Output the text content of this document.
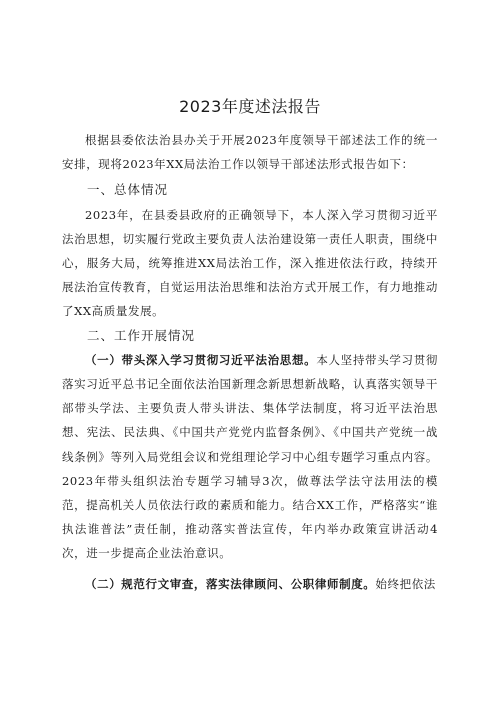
2023年度述法报告

根据县委依法治县办关于开展2023年度领导干部述法工作的统一安排，现将2023年XX局法治工作以领导干部述法形式报告如下：

一、总体情况

2023年，在县委县政府的正确领导下，本人深入学习贯彻习近平法治思想，切实履行党政主要负责人法治建设第一责任人职责，围绕中心，服务大局，统筹推进XX局法治工作，深入推进依法行政，持续开展法治宣传教育，自觉运用法治思维和法治方式开展工作，有力地推动了XX高质量发展。

二、工作开展情况

（一）带头深入学习贯彻习近平法治思想。本人坚持带头学习贯彻落实习近平总书记全面依法治国新理念新思想新战略，认真落实领导干部带头学法、主要负责人带头讲法、集体学法制度，将习近平法治思想、宪法、民法典、《中国共产党党内监督条例》、《中国共产党统一战线条例》等列入局党组会议和党组理论学习中心组专题学习重点内容。2023年带头组织法治专题学习辅导3次，做尊法学法守法用法的模范，提高机关人员依法行政的素质和能力。结合XX工作，严格落实“谁执法谁普法”责任制，推动落实普法宣传，年内举办政策宣讲活动4次，进一步提高企业法治意识。

（二）规范行文审查，落实法律顾问、公职律师制度。始终把依法
